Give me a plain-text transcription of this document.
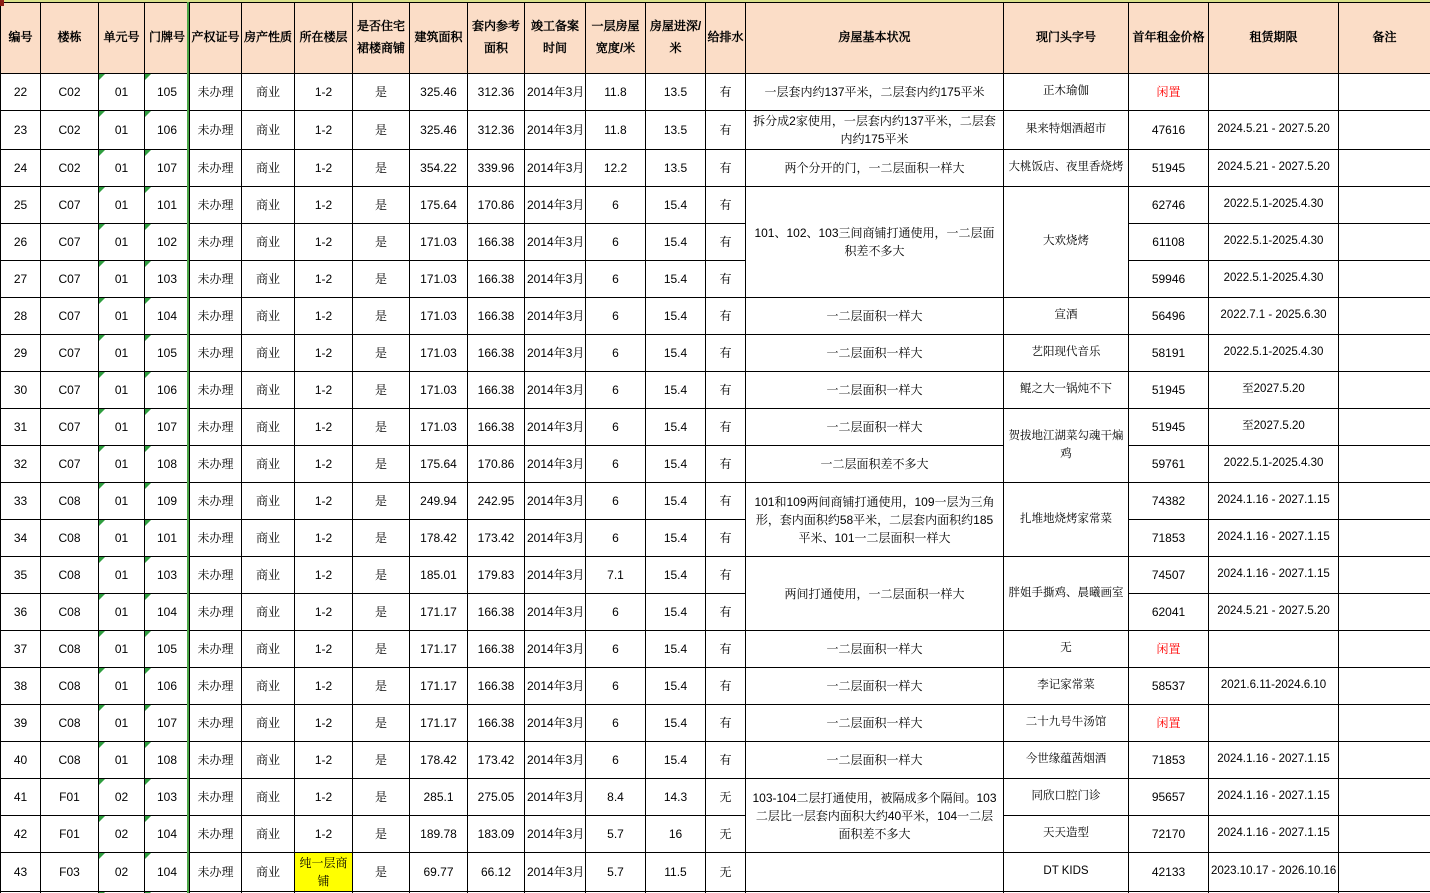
编号	楼栋	单元号	门牌号	产权证号	房产性质	所在楼层	是否住宅裙楼商铺	建筑面积	套内参考面积	竣工备案时间	一层房屋宽度/米	房屋进深/米	给排水	房屋基本状况	现门头字号	首年租金价格	租赁期限	备注
22	C02	01	105	未办理	商业	1-2	是	325.46	312.36	2014年3月	11.8	13.5	有	一层套内约137平米，二层套内约175平米	正木瑜伽	闲置		
23	C02	01	106	未办理	商业	1-2	是	325.46	312.36	2014年3月	11.8	13.5	有	拆分成2家使用，一层套内约137平米，二层套内约175平米	果来特烟酒超市	47616	2024.5.21 - 2027.5.20	
24	C02	01	107	未办理	商业	1-2	是	354.22	339.96	2014年3月	12.2	13.5	有	两个分开的门，一二层面积一样大	大桃饭店、夜里香烧烤	51945	2024.5.21 - 2027.5.20	
25	C07	01	101	未办理	商业	1-2	是	175.64	170.86	2014年3月	6	15.4	有	101、102、103三间商铺打通使用，一二层面积差不多大	大欢烧烤	62746	2022.5.1-2025.4.30	
26	C07	01	102	未办理	商业	1-2	是	171.03	166.38	2014年3月	6	15.4	有			61108	2022.5.1-2025.4.30	
27	C07	01	103	未办理	商业	1-2	是	171.03	166.38	2014年3月	6	15.4	有			59946	2022.5.1-2025.4.30	
28	C07	01	104	未办理	商业	1-2	是	171.03	166.38	2014年3月	6	15.4	有	一二层面积一样大	宣酒	56496	2022.7.1 - 2025.6.30	
29	C07	01	105	未办理	商业	1-2	是	171.03	166.38	2014年3月	6	15.4	有	一二层面积一样大	艺阳现代音乐	58191	2022.5.1-2025.4.30	
30	C07	01	106	未办理	商业	1-2	是	171.03	166.38	2014年3月	6	15.4	有	一二层面积一样大	鲲之大一锅炖不下	51945	至2027.5.20	
31	C07	01	107	未办理	商业	1-2	是	171.03	166.38	2014年3月	6	15.4	有	一二层面积一样大	贺拔地江湖菜勾魂干煸鸡	51945	至2027.5.20	
32	C07	01	108	未办理	商业	1-2	是	175.64	170.86	2014年3月	6	15.4	有	一二层面积差不多大		59761	2022.5.1-2025.4.30	
33	C08	01	109	未办理	商业	1-2	是	249.94	242.95	2014年3月	6	15.4	有	101和109两间商铺打通使用，109一层为三角形，套内面积约58平米，二层套内面积约185平米、101一二层面积一样大	扎堆地烧烤家常菜	74382	2024.1.16 - 2027.1.15	
34	C08	01	101	未办理	商业	1-2	是	178.42	173.42	2014年3月	6	15.4	有			71853	2024.1.16 - 2027.1.15	
35	C08	01	103	未办理	商业	1-2	是	185.01	179.83	2014年3月	7.1	15.4	有	两间打通使用，一二层面积一样大	胖姐手撕鸡、晨曦画室	74507	2024.1.16 - 2027.1.15	
36	C08	01	104	未办理	商业	1-2	是	171.17	166.38	2014年3月	6	15.4	有			62041	2024.5.21 - 2027.5.20	
37	C08	01	105	未办理	商业	1-2	是	171.17	166.38	2014年3月	6	15.4	有	一二层面积一样大	无	闲置		
38	C08	01	106	未办理	商业	1-2	是	171.17	166.38	2014年3月	6	15.4	有	一二层面积一样大	李记家常菜	58537	2021.6.11-2024.6.10	
39	C08	01	107	未办理	商业	1-2	是	171.17	166.38	2014年3月	6	15.4	有	一二层面积一样大	二十九号牛汤馆	闲置		
40	C08	01	108	未办理	商业	1-2	是	178.42	173.42	2014年3月	6	15.4	有	一二层面积一样大	今世缘蕴茜烟酒	71853	2024.1.16 - 2027.1.15	
41	F01	02	103	未办理	商业	1-2	是	285.1	275.05	2014年3月	8.4	14.3	无	103-104二层打通使用，被隔成多个隔间。103二层比一层套内面积大约40平米，104一二层面积差不多大	同欣口腔门诊	95657	2024.1.16 - 2027.1.15	
42	F01	02	104	未办理	商业	1-2	是	189.78	183.09	2014年3月	5.7	16	无		天天造型	72170	2024.1.16 - 2027.1.15	
43	F03	02	104	未办理	商业	纯一层商铺	是	69.77	66.12	2014年3月	5.7	11.5	无		DT KIDS	42133	2023.10.17 - 2026.10.16	
